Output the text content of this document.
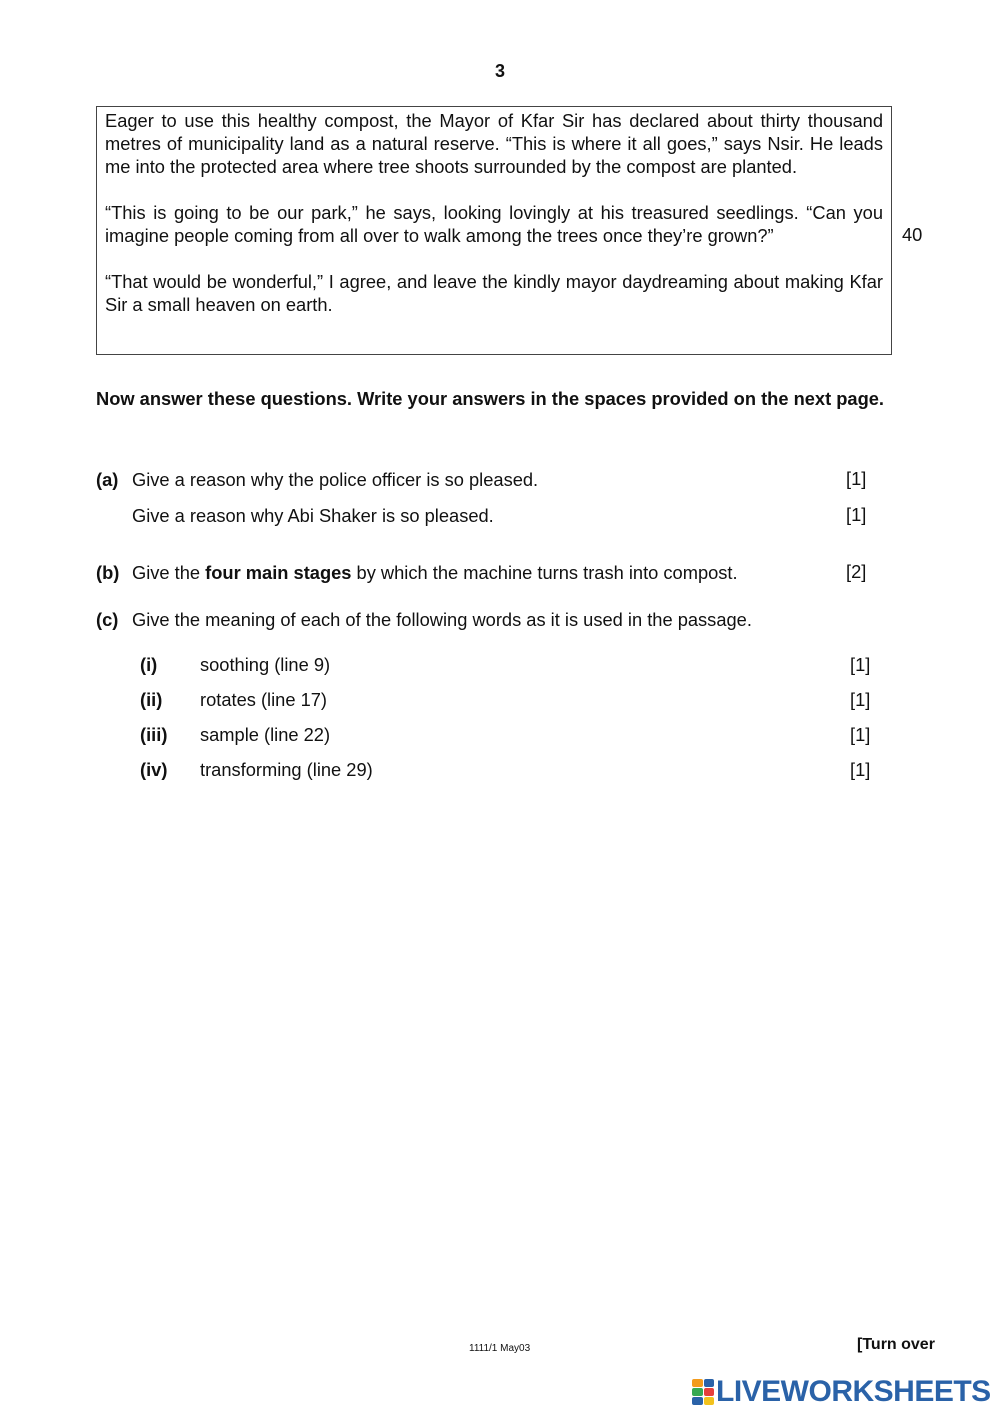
3

Eager to use this healthy compost, the Mayor of Kfar Sir has declared about thirty thousand metres of municipality land as a natural reserve. “This is where it all goes,” says Nsir. He leads me into the protected area where tree shoots surrounded by the compost are planted.

“This is going to be our park,” he says, looking lovingly at his treasured seedlings. “Can you imagine people coming from all over to walk among the trees once they’re grown?”

“That would be wonderful,” I agree, and leave the kindly mayor daydreaming about making Kfar Sir a small heaven on earth.

40
Now answer these questions. Write your answers in the spaces provided on the next page.
(a) Give a reason why the police officer is so pleased.	[1]
Give a reason why Abi Shaker is so pleased.	[1]
(b) Give the four main stages by which the machine turns trash into compost.	[2]
(c) Give the meaning of each of the following words as it is used in the passage.
(i) soothing (line 9)	[1]
(ii) rotates (line 17)	[1]
(iii) sample (line 22)	[1]
(iv) transforming (line 29)	[1]
1111/1 May03	[Turn over
LIVEWORKSHEETS
